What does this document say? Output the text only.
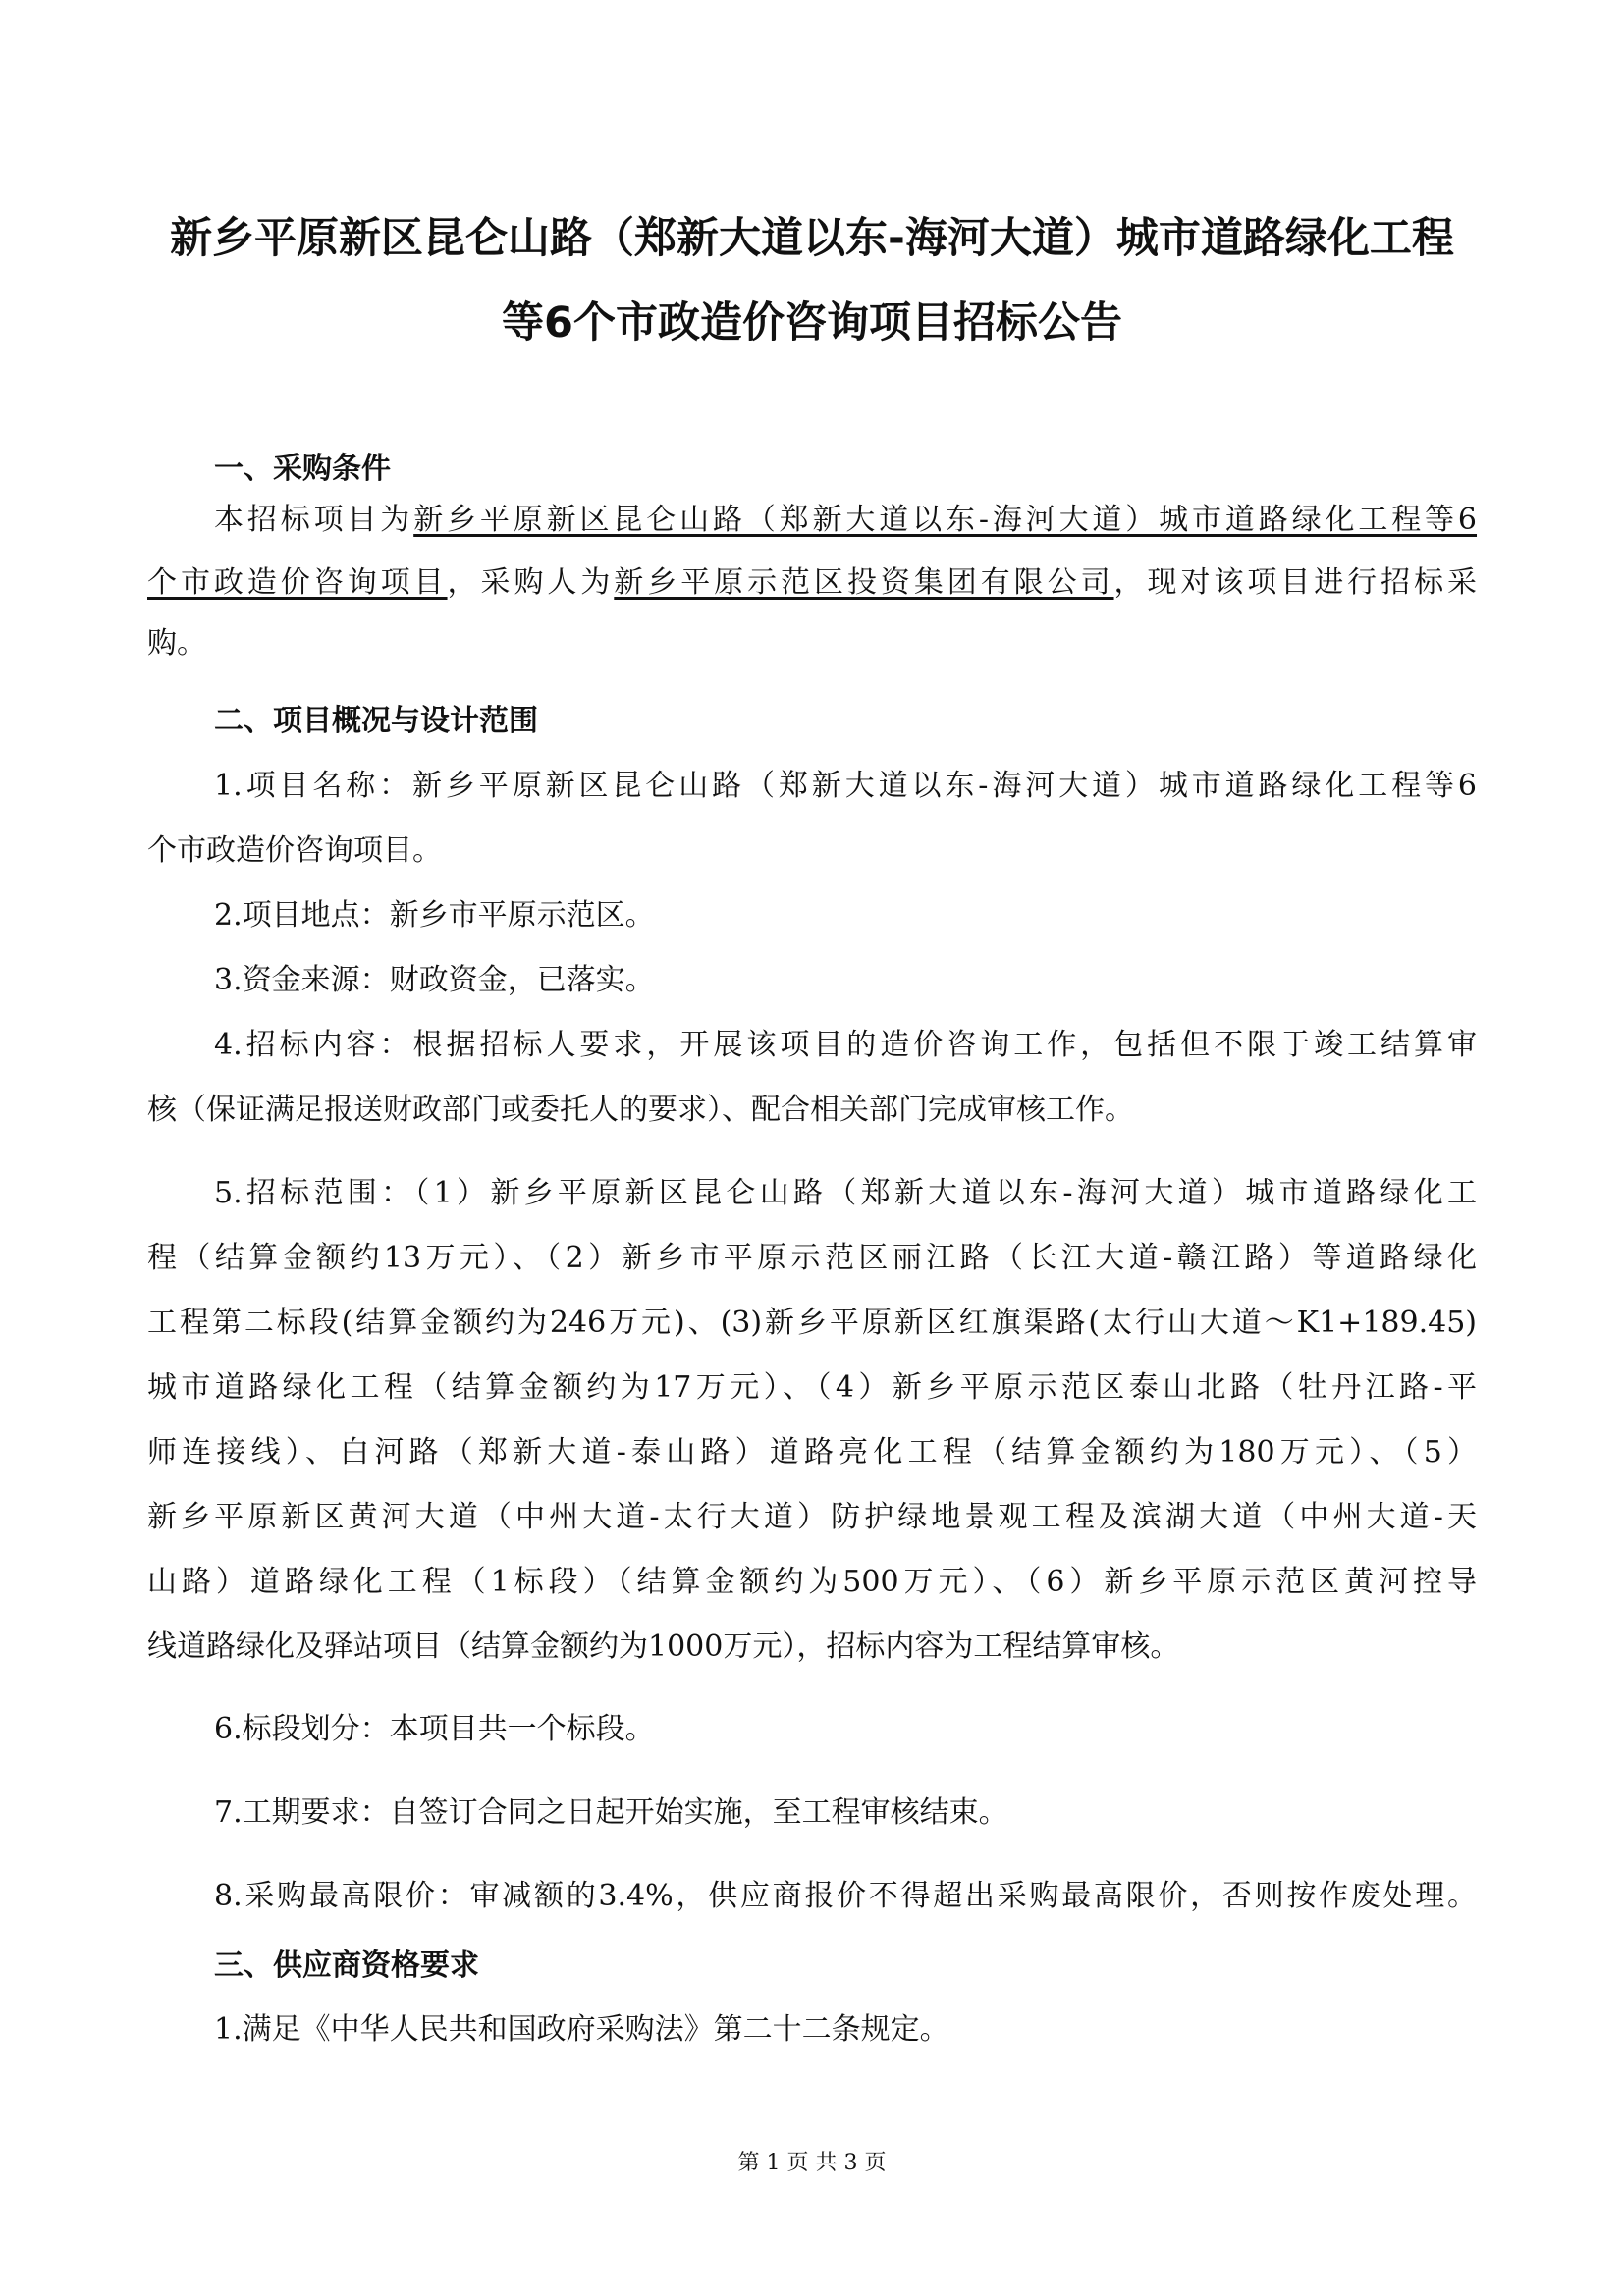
新乡平原新区昆仑山路（郑新大道以东-海河大道）城市道路绿化工程
等6个市政造价咨询项目招标公告
一、采购条件
本招标项目为新乡平原新区昆仑山路（郑新大道以东-海河大道）城市道路绿化工程等6
个市政造价咨询项目，采购人为新乡平原示范区投资集团有限公司，现对该项目进行招标采
购。
二、项目概况与设计范围
1.项目名称：新乡平原新区昆仑山路（郑新大道以东-海河大道）城市道路绿化工程等6
个市政造价咨询项目。
2.项目地点：新乡市平原示范区。
3.资金来源：财政资金，已落实。
4.招标内容：根据招标人要求，开展该项目的造价咨询工作，包括但不限于竣工结算审
核（保证满足报送财政部门或委托人的要求）、配合相关部门完成审核工作。
5.招标范围：（1）新乡平原新区昆仑山路（郑新大道以东-海河大道）城市道路绿化工
程（结算金额约13万元）、（2）新乡市平原示范区丽江路（长江大道-赣江路）等道路绿化
工程第二标段(结算金额约为246万元)、(3)新乡平原新区红旗渠路(太行山大道～K1+189.45)
城市道路绿化工程（结算金额约为17万元）、（4）新乡平原示范区泰山北路（牡丹江路-平
师连接线）、白河路（郑新大道-泰山路）道路亮化工程（结算金额约为180万元）、（5）
新乡平原新区黄河大道（中州大道-太行大道）防护绿地景观工程及滨湖大道（中州大道-天
山路）道路绿化工程（1标段）（结算金额约为500万元）、（6）新乡平原示范区黄河控导
线道路绿化及驿站项目（结算金额约为1000万元），招标内容为工程结算审核。
6.标段划分：本项目共一个标段。
7.工期要求：自签订合同之日起开始实施，至工程审核结束。
8.采购最高限价：审减额的3.4%，供应商报价不得超出采购最高限价，否则按作废处理。
三、供应商资格要求
1.满足《中华人民共和国政府采购法》第二十二条规定。
第 1 页 共 3 页
